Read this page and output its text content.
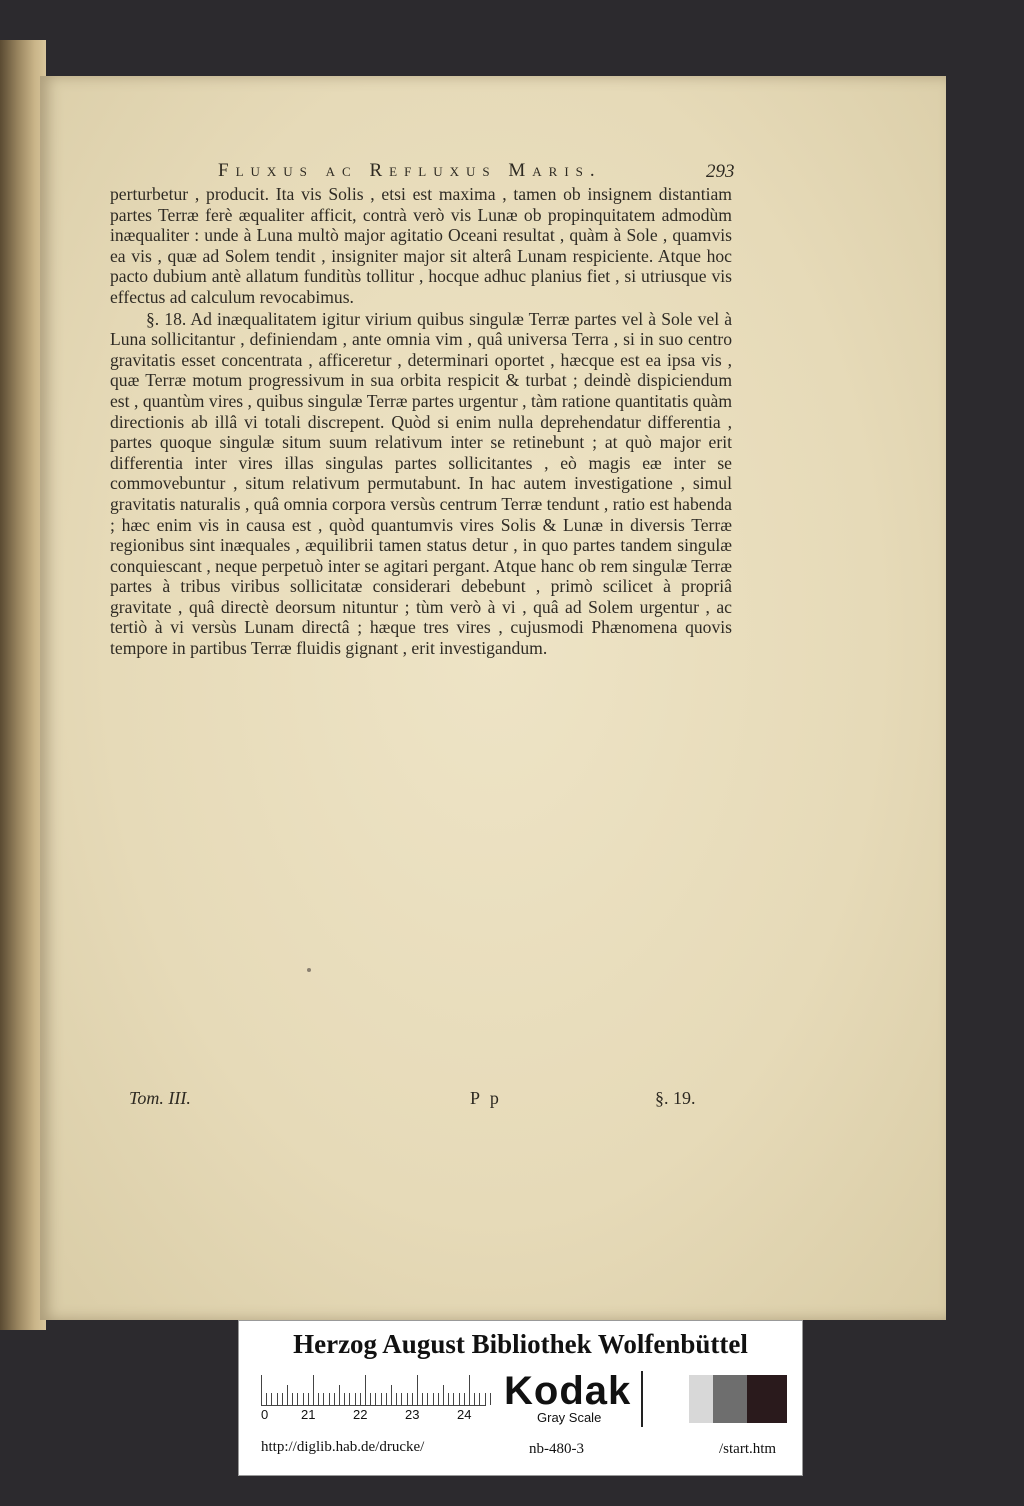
Fluxus ac Refluxus Maris.	293

perturbetur , producit. Ita vis Solis , etsi est maxima , tamen ob insignem distantiam partes Terræ ferè æqualiter afficit, contrà verò vis Lunæ ob propinquitatem admodùm inæqualiter : unde à Luna multò major agitatio Oceani resultat , quàm à Sole , quamvis ea vis , quæ ad Solem tendit , insigniter major sit alterâ Lunam respiciente. Atque hoc pacto dubium antè allatum funditùs tollitur , hocque adhuc planius fiet , si utriusque vis effectus ad calculum revocabimus.

§. 18. Ad inæqualitatem igitur virium quibus singulæ Terræ partes vel à Sole vel à Luna sollicitantur , definiendam , ante omnia vim , quâ universa Terra , si in suo centro gravitatis esset concentrata , afficeretur , determinari oportet , hæcque est ea ipsa vis , quæ Terræ motum progressivum in sua orbita respicit & turbat ; deindè dispiciendum est , quantùm vires , quibus singulæ Terræ partes urgentur , tàm ratione quantitatis quàm directionis ab illâ vi totali discrepent. Quòd si enim nulla deprehendatur differentia , partes quoque singulæ situm suum relativum inter se retinebunt ; at quò major erit differentia inter vires illas singulas partes sollicitantes , eò magis eæ inter se commovebuntur , situm relativum permutabunt. In hac autem investigatione , simul gravitatis naturalis , quâ omnia corpora versùs centrum Terræ tendunt , ratio est habenda ; hæc enim vis in causa est , quòd quantumvis vires Solis & Lunæ in diversis Terræ regionibus sint inæquales , æquilibrii tamen status detur , in quo partes tandem singulæ conquiescant , neque perpetuò inter se agitari pergant. Atque hanc ob rem singulæ Terræ partes à tribus viribus sollicitatæ considerari debebunt , primò scilicet à propriâ gravitate , quâ directè deorsum nituntur ; tùm verò à vi , quâ ad Solem urgentur , ac tertiò à vi versùs Lunam directâ ; hæque tres vires , cujusmodi Phænomena quovis tempore in partibus Terræ fluidis gignant , erit investigandum.

Tom. III.	P p	§. 19.
Herzog August Bibliothek Wolfenbüttel
0	21	22	23	24
Kodak
Gray Scale
http://diglib.hab.de/drucke/	nb-480-3	/start.htm
